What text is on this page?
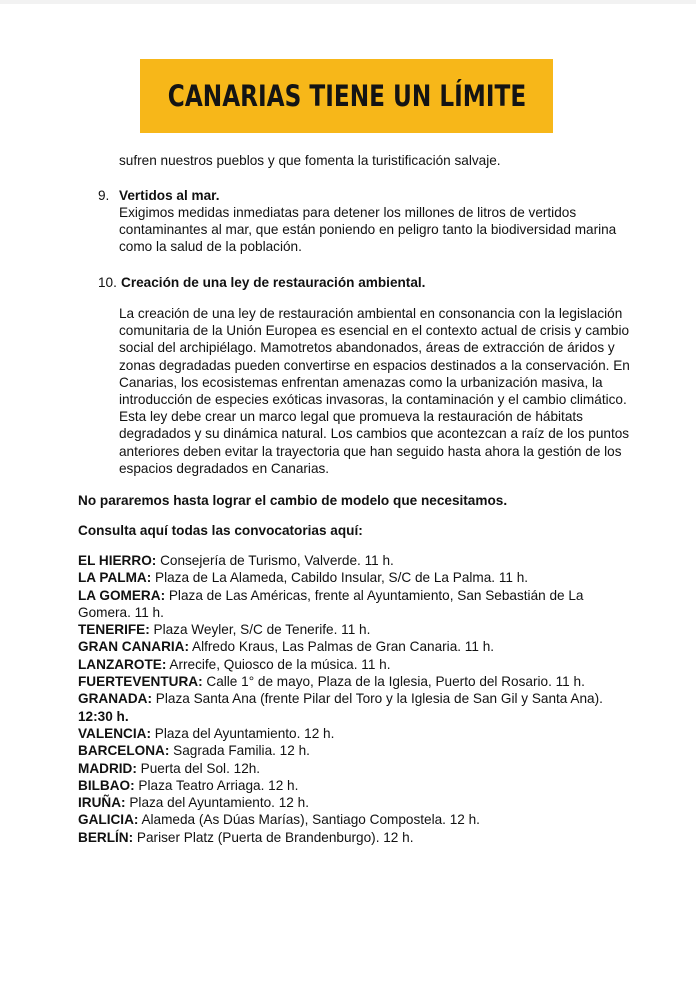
CANARIAS TIENE UN LÍMITE
sufren nuestros pueblos y que fomenta la turistificación salvaje.
9. Vertidos al mar.
Exigimos medidas inmediatas para detener los millones de litros de vertidos
contaminantes al mar, que están poniendo en peligro tanto la biodiversidad marina
como la salud de la población.
10. Creación de una ley de restauración ambiental.
La creación de una ley de restauración ambiental en consonancia con la legislación
comunitaria de la Unión Europea es esencial en el contexto actual de crisis y cambio
social del archipiélago. Mamotretos abandonados, áreas de extracción de áridos y
zonas degradadas pueden convertirse en espacios destinados a la conservación. En
Canarias, los ecosistemas enfrentan amenazas como la urbanización masiva, la
introducción de especies exóticas invasoras, la contaminación y el cambio climático.
Esta ley debe crear un marco legal que promueva la restauración de hábitats
degradados y su dinámica natural. Los cambios que acontezcan a raíz de los puntos
anteriores deben evitar la trayectoria que han seguido hasta ahora la gestión de los
espacios degradados en Canarias.
No pararemos hasta lograr el cambio de modelo que necesitamos.
Consulta aquí todas las convocatorias aquí:
EL HIERRO: Consejería de Turismo, Valverde. 11 h.
LA PALMA: Plaza de La Alameda, Cabildo Insular, S/C de La Palma. 11 h.
LA GOMERA: Plaza de Las Américas, frente al Ayuntamiento, San Sebastián de La
Gomera. 11 h.
TENERIFE: Plaza Weyler, S/C de Tenerife. 11 h.
GRAN CANARIA: Alfredo Kraus, Las Palmas de Gran Canaria. 11 h.
LANZAROTE: Arrecife, Quiosco de la música. 11 h.
FUERTEVENTURA: Calle 1° de mayo, Plaza de la Iglesia, Puerto del Rosario. 11 h.
GRANADA: Plaza Santa Ana (frente Pilar del Toro y la Iglesia de San Gil y Santa Ana).
12:30 h.
VALENCIA: Plaza del Ayuntamiento. 12 h.
BARCELONA: Sagrada Familia. 12 h.
MADRID: Puerta del Sol. 12h.
BILBAO: Plaza Teatro Arriaga. 12 h.
IRUÑA: Plaza del Ayuntamiento. 12 h.
GALICIA: Alameda (As Dúas Marías), Santiago Compostela. 12 h.
BERLÍN: Pariser Platz (Puerta de Brandenburgo). 12 h.
